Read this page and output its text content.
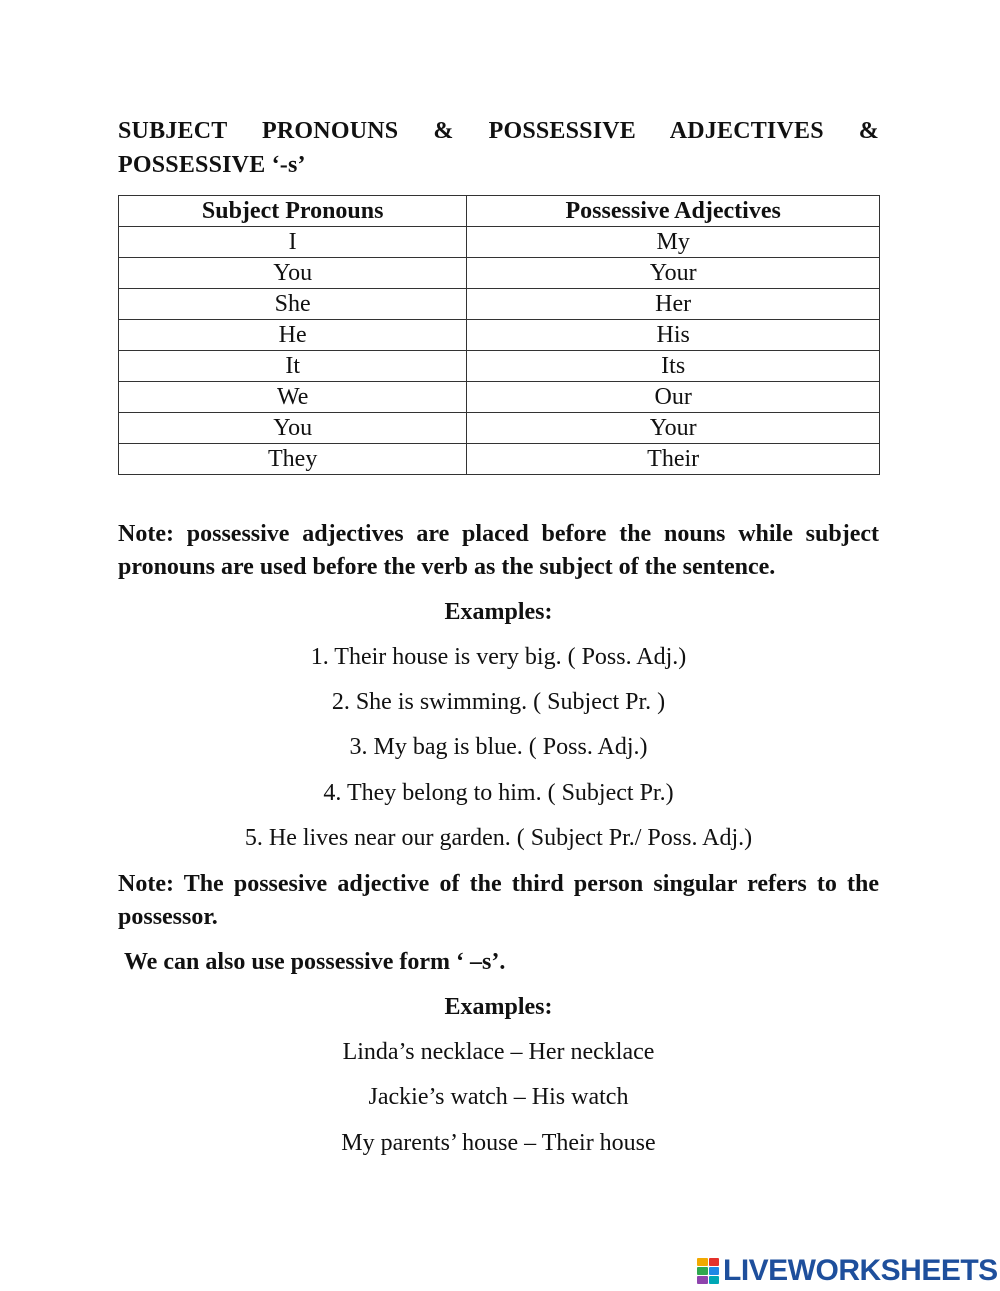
SUBJECT PRONOUNS & POSSESSIVE ADJECTIVES & POSSESSIVE ‘-s’
Subject Pronouns	Possessive Adjectives
I	My
You	Your
She	Her
He	His
It	Its
We	Our
You	Your
They	Their
Note: possessive adjectives are placed before the nouns while subject pronouns are used before the verb as the subject of the sentence.
Examples:
1. Their house is very big. ( Poss. Adj.)
2. She is swimming. ( Subject Pr. )
3. My bag is blue. ( Poss. Adj.)
4. They belong to him. ( Subject Pr.)
5. He lives near our garden. ( Subject Pr./ Poss. Adj.)
Note: The possesive adjective of the third person singular refers to the possessor.
We can also use possessive form ‘ –s’.
Examples:
Linda’s necklace – Her necklace
Jackie’s watch – His watch
My parents’ house – Their house
LIVEWORKSHEETS
